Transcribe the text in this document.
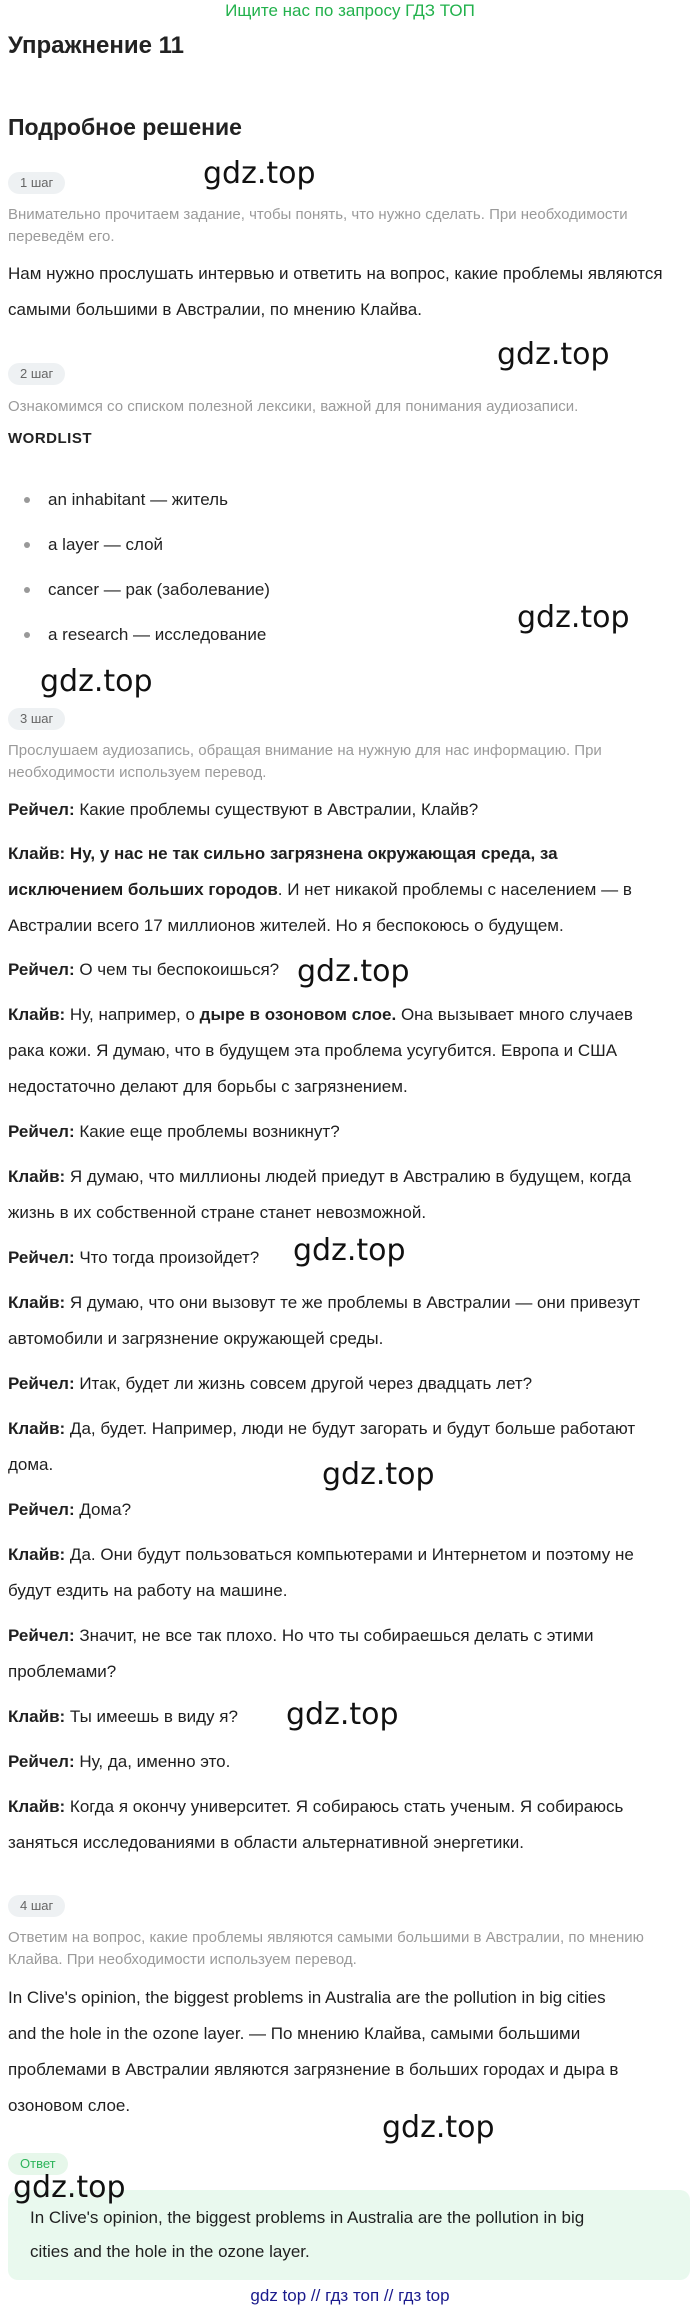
Ищите нас по запросу ГДЗ ТОП
Упражнение 11
Подробное решение
1 шаг
Внимательно прочитаем задание, чтобы понять, что нужно сделать. При необходимости переведём его.
Нам нужно прослушать интервью и ответить на вопрос, какие проблемы являются самыми большими в Австралии, по мнению Клайва.
2 шаг
Ознакомимся со списком полезной лексики, важной для понимания аудиозаписи.
WORDLIST
an inhabitant — житель
a layer — слой
cancer — рак (заболевание)
a research — исследование
3 шаг
Прослушаем аудиозапись, обращая внимание на нужную для нас информацию. При необходимости используем перевод.
Рейчел: Какие проблемы существуют в Австралии, Клайв?
Клайв: Ну, у нас не так сильно загрязнена окружающая среда, за
исключением больших городов. И нет никакой проблемы с населением — в
Австралии всего 17 миллионов жителей. Но я беспокоюсь о будущем.
Рейчел: О чем ты беспокоишься?
Клайв: Ну, например, о дыре в озоновом слое. Она вызывает много случаев
рака кожи. Я думаю, что в будущем эта проблема усугубится. Европа и США
недостаточно делают для борьбы с загрязнением.
Рейчел: Какие еще проблемы возникнут?
Клайв: Я думаю, что миллионы людей приедут в Австралию в будущем, когда
жизнь в их собственной стране станет невозможной.
Рейчел: Что тогда произойдет?
Клайв: Я думаю, что они вызовут те же проблемы в Австралии — они привезут
автомобили и загрязнение окружающей среды.
Рейчел: Итак, будет ли жизнь совсем другой через двадцать лет?
Клайв: Да, будет. Например, люди не будут загорать и будут больше работают
дома.
Рейчел: Дома?
Клайв: Да. Они будут пользоваться компьютерами и Интернетом и поэтому не
будут ездить на работу на машине.
Рейчел: Значит, не все так плохо. Но что ты собираешься делать с этими
проблемами?
Клайв: Ты имеешь в виду я?
Рейчел: Ну, да, именно это.
Клайв: Когда я окончу университет. Я собираюсь стать ученым. Я собираюсь
заняться исследованиями в области альтернативной энергетики.
4 шаг
Ответим на вопрос, какие проблемы являются самыми большими в Австралии, по мнению Клайва. При необходимости используем перевод.
In Clive's opinion, the biggest problems in Australia are the pollution in big cities
and the hole in the ozone layer. — По мнению Клайва, самыми большими
проблемами в Австралии являются загрязнение в больших городах и дыра в
озоновом слое.
Ответ
In Clive's opinion, the biggest problems in Australia are the pollution in big
cities and the hole in the ozone layer.
gdz.top
gdz.top
gdz.top
gdz.top
gdz.top
gdz.top
gdz.top
gdz.top
gdz.top
gdz.top
gdz top // гдз топ // гдз top
